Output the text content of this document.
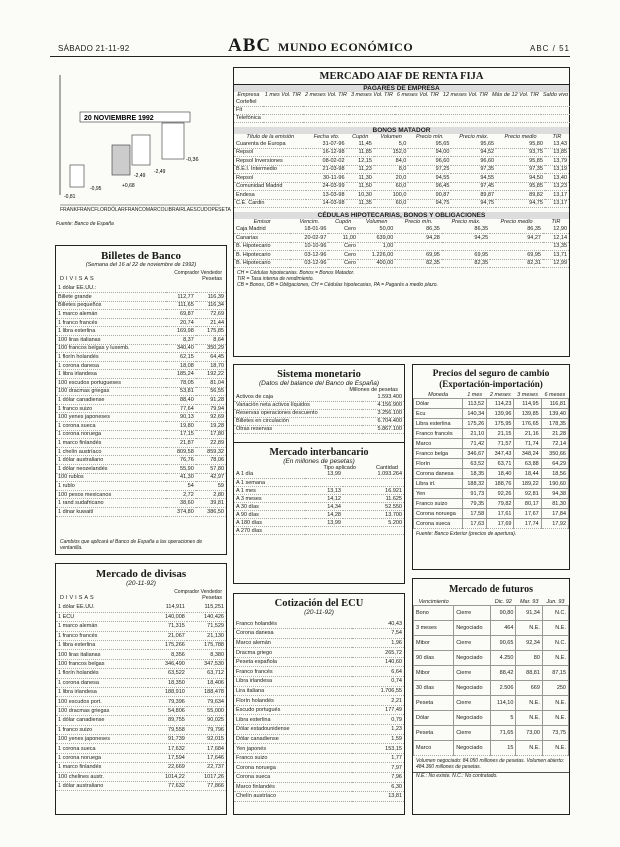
SÁBADO 21-11-92	ABC MUNDO ECONÓMICO	ABC / 51
20 NOVIEMBRE 1992
-0,36
-0,81
-0,95	+0,68
-2,49
-2,49
FRANK FRANC FLOR DÓLAR FRANCO MARCO LIBRA IRLA ESCUDO PESETA
Fuente: Banco de España
Billetes de Banco
(Semana del 16 al 22 de noviembre de 1992)
Comprador Vendedor
DIVISAS	Pesetas
1 dólar EE.UU.:		
Billete grande	112,77	116,39
Billetes pequeños	111,65	116,34
1 marco alemán	69,87	72,69
1 franco francés	20,74	21,44
1 libra esterlina	169,98	175,85
100 liras italianas	8,37	8,64
100 francos belgas y luxemb.	340,40	350,29
1 florín holandés	62,15	64,45
1 corona danesa	18,08	18,70
1 libra irlandesa	185,24	192,22
100 escudos portugueses	78,05	81,04
100 dracmas griegas	53,81	56,55
1 dólar canadiense	88,40	91,28
1 franco suizo	77,64	79,94
100 yenes japoneses	90,13	92,69
1 corona sueca	19,80	19,28
1 corona noruega	17,15	17,80
1 marco finlandés	21,87	22,89
1 chelín austríaco	809,58	859,32
1 dólar australiano	76,76	78,06
1 dólar neozelandés	55,90	57,80
100 rublos	41,30	42,97
1 rublo	54	59
100 pesos mexicanos	2,72	2,80
1 rand sudafricano	38,60	39,81
1 dinar kuwaití	374,80	386,50
Cambios que aplicará el Banco de España a las operaciones de ventanilla.
Mercado de divisas
(20-11-92)
Comprador Vendedor
DIVISAS	Pesetas
1 dólar EE.UU.	114,911	115,251
1 ECU	140,008	140,426
1 marco alemán	71,315	71,529
1 franco francés	21,067	21,130
1 libra esterlina	175,266	175,788
100 liras italianas	8,356	8,380
100 francos belgas	346,490	347,530
1 florín holandés	63,522	63,712
1 corona danesa	18,350	18,406
1 libra irlandesa	188,910	188,478
100 escudos port.	79,396	79,634
100 dracmas griegas	54,806	55,000
1 dólar canadiense	89,755	90,025
1 franco suizo	79,558	79,796
100 yenes japoneses	91,739	92,015
1 corona sueca	17,632	17,684
1 corona noruega	17,594	17,646
1 marco finlandés	22,669	22,737
100 chelines austr.	1014,22	1017,26
1 dólar australiano	77,632	77,866
MERCADO AIAF DE RENTA FIJA
PAGARÉS DE EMPRESA
Empresa	1 mes Vol. TIR	2 meses Vol. TIR	3 meses Vol. TIR	6 meses Vol. TIR	12 meses Vol. TIR	Más de 12 Vol. TIR	Saldo vivo
Cortefiel							
Fit							
Telefónica							
BONOS MATADOR
Título de la emisión	Fecha vto.	Cupón	Volumen	Precio mín.	Precio máx.	Precio medio	TIR
Cuarenta de Europa	31-07-96	11,45	5,0	95,65	95,65	95,80	13,43
Repsol	16-12-98	11,85	152,0	94,00	94,52	93,75	13,85
Repsol Inversiones	08-02-02	12,15	84,0	96,60	96,60	95,85	13,79
B.E.I. Intermedio	21-03-98	11,23	8,0	97,25	97,35	97,35	13,19
Repsol	30-11-96	11,30	20,0	94,55	94,55	94,50	13,40
Comunidad Madrid	24-03-99	11,50	60,0	96,45	97,45	95,85	13,23
Endesa	13-03-98	10,30	100,0	90,87	89,87	89,82	13,17
C.E. Cardin	14-03-98	11,35	60,0	94,75	94,75	94,75	13,17
CÉDULAS HIPOTECARIAS, BONOS Y OBLIGACIONES
Emisor	Vencim.	Cupón	Volumen	Precio mín.	Precio máx.	Precio medio	TIR
Caja Madrid	18-01-96	Cero	50,00	86,35	86,35	86,35	12,90
Canarias	20-02-97	11,00	639,00	94,28	94,25	94,27	12,14
B. Hipotecario	10-10-96	Cero	1,00				13,35
B. Hipotecario	03-12-96	Cero	1.226,00	69,95	69,95	69,95	13,71
B. Hipotecario	03-12-96	Cero	400,00	82,35	82,35	82,31	12,99
CH = Cédulas hipotecarias. Bonos = Bonos Matador.
TIR = Tasa interna de rendimiento.
CB = Bonos, OB = Obligaciones, CH = Cédulas hipotecarias, PA = Pagarés a medio plazo.
Sistema monetario
(Datos del balance del Banco de España)
Millones de pesetas
Activos de caja	1.593.400
Variación neta activos líquidos	4.156.900
Reservas operaciones descuento	3.256.100
Billetes en circulación	6.704.400
Otras reservas	5.867.100
Mercado interbancario
(En millones de pesetas)
Tipo aplicado	Cantidad
A 1 día	13,99	1.093.264
A 1 semana		
A 1 mes	13,13	16.921
A 3 meses	14,12	11.625
A 30 días	14,34	52.550
A 90 días	14,28	13.700
A 180 días	13,99	5.200
A 270 días		
Cotización del ECU
(20-11-92)
Franco holandés	40,43
Corona danesa	7,54
Marco alemán	1,96
Dracma griego	265,72
Peseta española	140,60
Franco francés	6,64
Libra irlandesa	0,74
Lira italiana	1.706,55
Florín holandés	2,21
Escudo portugués	177,49
Libra esterlina	0,79
Dólar estadounidense	1,23
Dólar canadiense	1,59
Yen japonés	153,15
Franco suizo	1,77
Corona noruega	7,97
Corona sueca	7,96
Marco finlandés	6,30
Chelín austríaco	13,81
Precios del seguro de cambio
(Exportación-importación)
Moneda	1 mes	2 meses	3 meses	6 meses
Dólar	113,52	114,23	114,95	116,81
Ecu	140,34	139,96	139,85	139,40
Libra esterlina	175,26	175,95	176,65	178,35
Franco francés	21,10	21,15	21,16	21,28
Marco	71,42	71,57	71,74	72,14
Franco belga	346,67	347,43	348,24	350,66
Florín	63,52	63,71	63,88	64,29
Corona danesa	18,35	18,40	18,44	18,56
Libra irl.	188,32	188,76	189,22	190,60
Yen	91,73	92,26	92,81	94,38
Franco suizo	79,35	79,82	80,17	81,30
Corona noruega	17,58	17,61	17,67	17,84
Corona sueca	17,63	17,69	17,74	17,92
Fuente: Banco Exterior (precios de apertura).
Mercado de futuros
Vencimiento		Dic. 92	Mar. 93	Jun. 93
Bono	Cierre	90,80	91,34	N.C.
3 meses	Negociado	464	N.E.	N.E.
Mibor	Cierre	90,65	92,34	N.C.
90 días	Negociado	4.250	80	N.E.
Mibor	Cierre	88,42	88,81	87,15
30 días	Negociado	2.506	669	250
Peseta	Cierre	114,10	N.E.	N.E.
Dólar	Negociado	5	N.E.	N.E.
Peseta	Cierre	71,65	73,00	73,75
Marco	Negociado	15	N.E.	N.E.
Volumen negociado: 84.050 millones de pesetas. Volumen abierto: 484.360 millones de pesetas.
N.E.: No existe. N.C.: No contratado.
